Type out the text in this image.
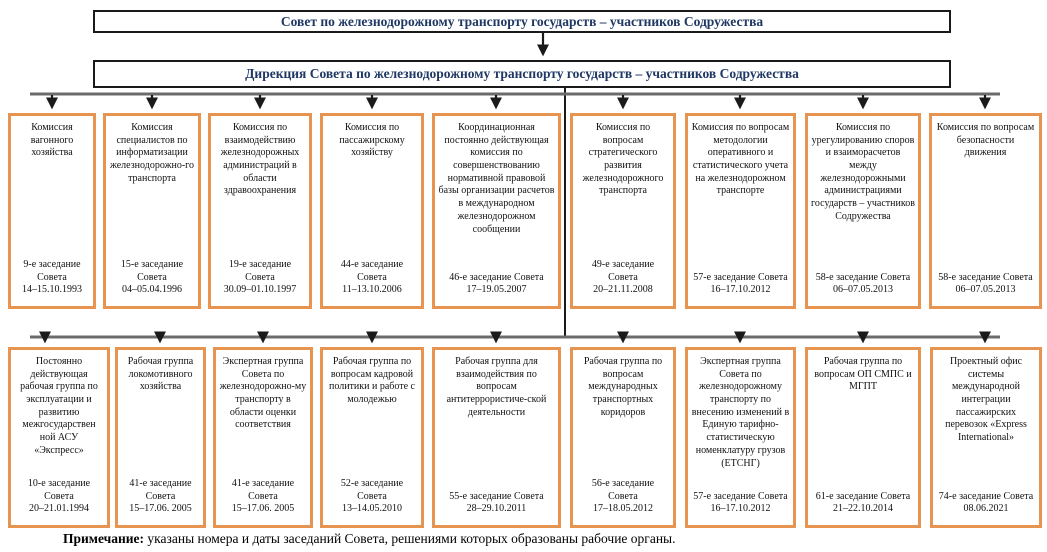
Совет по железнодорожному транспорту государств – участников Содружества
Дирекция Совета по железнодорожному транспорту государств – участников Содружества
Комиссия вагонного хозяйства
9-е заседание Совета
14–15.10.1993
Комиссия специалистов по информатизации железнодорожно-го транспорта
15-е заседание Совета
04–05.04.1996
Комиссия по взаимодействию железнодорожных администраций в области здравоохранения
19-е заседание Совета
30.09–01.10.1997
Комиссия по пассажирскому хозяйству
44-е заседание Совета
11–13.10.2006
Координационная постоянно действующая комиссия по совершенствованию нормативной правовой базы организации расчетов в международном железнодорожном сообщении
46-е заседание Совета
17–19.05.2007
Комиссия по вопросам стратегического развития железнодорожного транспорта
49-е заседание Совета
20–21.11.2008
Комиссия по вопросам методологии оперативного и статистического учета на железнодорожном транспорте
57-е заседание Совета
16–17.10.2012
Комиссия по урегулированию споров и взаиморасчетов между железнодорожными администрациями государств – участников Содружества
58-е заседание Совета
06–07.05.2013
Комиссия по вопросам безопасности движения
58-е заседание Совета
06–07.05.2013
Постоянно действующая рабочая группа по эксплуатации и развитию межгосударствен ной АСУ «Экспресс»
10-е заседание Совета
20–21.01.1994
Рабочая группа локомотивного хозяйства
41-е заседание Совета
15–17.06. 2005
Экспертная группа Совета по железнодорожно-му транспорту в области оценки соответствия
41-е заседание Совета
15–17.06. 2005
Рабочая группа по вопросам кадровой политики и работе с молодежью
52-е заседание Совета
13–14.05.2010
Рабочая группа для взаимодействия по вопросам антитеррористиче-ской деятельности
55-е заседание Совета
28–29.10.2011
Рабочая группа по вопросам международных транспортных коридоров
56-е заседание Совета
17–18.05.2012
Экспертная группа Совета по железнодорожному транспорту по внесению изменений в Единую тарифно-статистическую номенклатуру грузов (ЕТСНГ)
57-е заседание Совета
16–17.10.2012
Рабочая группа по вопросам ОП СМПС и МГПТ
61-е заседание Совета
21–22.10.2014
Проектный офис системы международной интеграции пассажирских перевозок «Express International»
74-е заседание Совета
08.06.2021
Примечание: указаны номера и даты заседаний Совета, решениями которых образованы рабочие органы.
